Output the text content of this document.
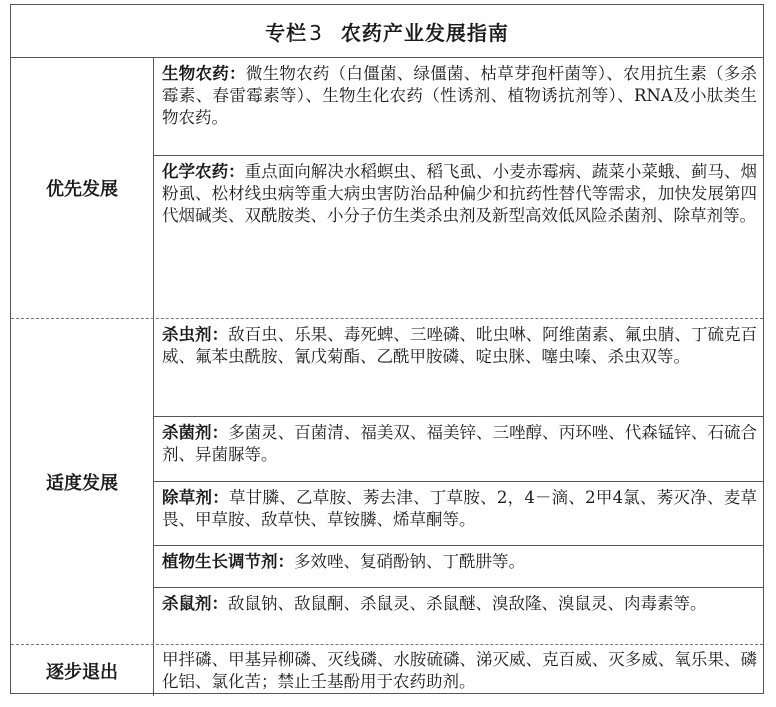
专栏 3 农药产业发展指南
优先发展
生物农药：微生物农药（白僵菌、绿僵菌、枯草芽孢杆菌等）、农用抗生素（多杀霉素、春雷霉素等）、生物生化农药（性诱剂、植物诱抗剂等）、RNA及小肽类生物农药。
化学农药：重点面向解决水稻螟虫、稻飞虱、小麦赤霉病、蔬菜小菜蛾、蓟马、烟粉虱、松材线虫病等重大病虫害防治品种偏少和抗药性替代等需求，加快发展第四代烟碱类、双酰胺类、小分子仿生类杀虫剂及新型高效低风险杀菌剂、除草剂等。
适度发展
杀虫剂：敌百虫、乐果、毒死蜱、三唑磷、吡虫啉、阿维菌素、氟虫腈、丁硫克百威、氟苯虫酰胺、氰戊菊酯、乙酰甲胺磷、啶虫脒、噻虫嗪、杀虫双等。
杀菌剂：多菌灵、百菌清、福美双、福美锌、三唑醇、丙环唑、代森锰锌、石硫合剂、异菌脲等。
除草剂：草甘膦、乙草胺、莠去津、丁草胺、2，4－滴、2甲4氯、莠灭净、麦草畏、甲草胺、敌草快、草铵膦、烯草酮等。
植物生长调节剂：多效唑、复硝酚钠、丁酰肼等。
杀鼠剂：敌鼠钠、敌鼠酮、杀鼠灵、杀鼠醚、溴敌隆、溴鼠灵、肉毒素等。
逐步退出
甲拌磷、甲基异柳磷、灭线磷、水胺硫磷、涕灭威、克百威、灭多威、氧乐果、磷化铝、氯化苦；禁止壬基酚用于农药助剂。
